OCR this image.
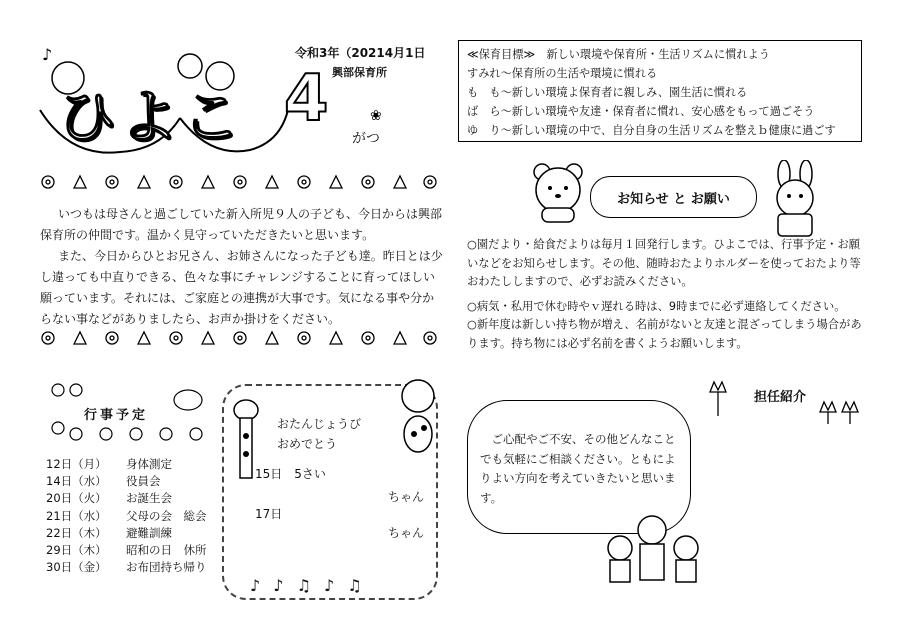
♪
❀
ひよこ 4
がつ
令和3年（20214月1日
興部保育所
≪保育目標≫　新しい環境や保育所・生活リズムに慣れよう
すみれ～保育所の生活や環境に慣れる
も　も～新しい環境よ保育者に親しみ、園生活に慣れる
ば　ら～新しい環境や友達・保育者に慣れ、安心感をもって過ごそう
ゆ　り～新しい環境の中で、自分自身の生活リズムを整えｂ健康に過ごす

いつもは母さんと過ごしていた新入所児９人の子ども、今日からは興部保育所の仲間です。温かく見守っていただきたいと思います。

また、今日からひとお兄さん、お姉さんになった子ども達。昨日とは少し違っても中直りできる、色々な事にチャレンジすることに育ってほしい願っています。それには、ご家庭との連携が大事です。気になる事や分からない事などがありましたら、お声か掛けをください。

お知らせ と お願い

○園だより・給食だよりは毎月１回発行します。ひよこでは、行事予定・お願いなどをお知らせします。その他、随時おたよりホルダーを使っておたより等おわたししますので、必ずお読みください。

○病気・私用で休む時やｖ遅れる時は、9時までに必ず連絡してください。

○新年度は新しい持ち物が増え、名前がないと友達と混ざってしまう場合があります。持ち物には必ず名前を書くようお願いします。

行事予定
12日（月）	身体測定
14日（水）	役員会
20日（火）	お誕生会
21日（水）	父母の会　総会
22日（木）	避難訓練
29日（木）	昭和の日　休所
30日（金）	お布団持ち帰り
おたんじょうび
おめでとう
15日　5さい
ちゃん
17日
ちゃん
♪ ♪ ♫ ♪ ♫
ご心配やご不安、その他どんなことでも気軽にご相談ください。ともによりよい方向を考えていきたいと思います。
担任紹介
